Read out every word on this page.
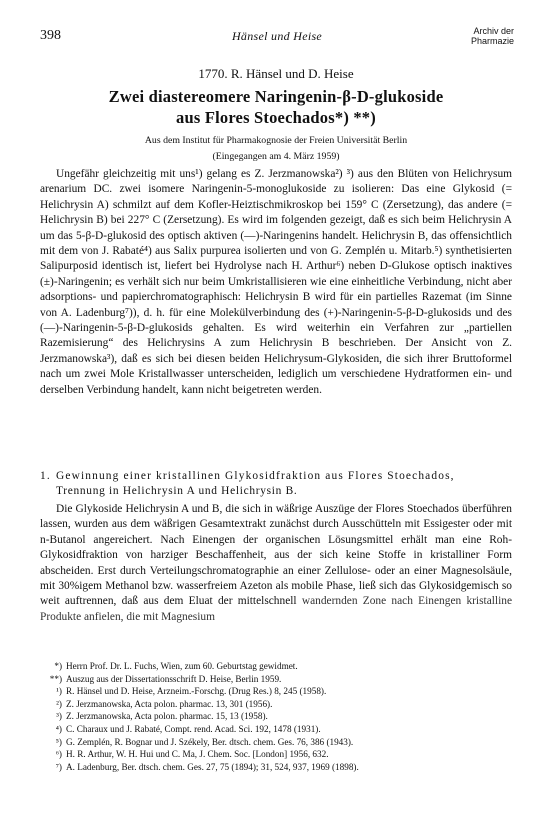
398	Hänsel und Heise	Archiv der
Pharmazie
1770. R. Hänsel und D. Heise
Zwei diastereomere Naringenin-β-D-glukoside
aus Flores Stoechados*) **)
Aus dem Institut für Pharmakognosie der Freien Universität Berlin
(Eingegangen am 4. März 1959)

Ungefähr gleichzeitig mit uns¹) gelang es Z. Jerzmanowska²) ³) aus den Blüten von Helichrysum arenarium DC. zwei isomere Naringenin-5-monoglukoside zu isolieren: Das eine Glykosid (= Helichrysin A) schmilzt auf dem Kofler-Heiztischmikroskop bei 159° C (Zersetzung), das andere (= Helichrysin B) bei 227° C (Zersetzung). Es wird im folgenden gezeigt, daß es sich beim Helichrysin A um das 5-β-D-glukosid des optisch aktiven (—)-Naringenins handelt. Helichrysin B, das offensichtlich mit dem von J. Rabaté⁴) aus Salix purpurea isolierten und von G. Zemplén u. Mitarb.⁵) synthetisierten Salipurposid identisch ist, liefert bei Hydrolyse nach H. Arthur⁶) neben D-Glukose optisch inaktives (±)-Naringenin; es verhält sich nur beim Umkristallisieren wie eine einheitliche Verbindung, nicht aber adsorptions- und papierchromatographisch: Helichrysin B wird für ein partielles Razemat (im Sinne von A. Ladenburg⁷)), d. h. für eine Molekülverbindung des (+)-Naringenin-5-β-D-glukosids und des (—)-Naringenin-5-β-D-glukosids gehalten. Es wird weiterhin ein Verfahren zur „partiellen Razemisierung“ des Helichrysins A zum Helichrysin B beschrieben. Der Ansicht von Z. Jerzmanowska³), daß es sich bei diesen beiden Helichrysum-Glykosiden, die sich ihrer Bruttoformel nach um zwei Mole Kristallwasser unterscheiden, lediglich um verschiedene Hydratformen ein- und derselben Verbindung handelt, kann nicht beigetreten werden.

1. Gewinnung einer kristallinen Glykosidfraktion aus Flores Stoechados,
Trennung in Helichrysin A und Helichrysin B.

Die Glykoside Helichrysin A und B, die sich in wäßrige Auszüge der Flores Stoechados überführen lassen, wurden aus dem wäßrigen Gesamtextrakt zunächst durch Ausschütteln mit Essigester oder mit n-Butanol angereichert. Nach Einengen der organischen Lösungsmittel erhält man eine Roh-Glykosidfraktion von harziger Beschaffenheit, aus der sich keine Stoffe in kristalliner Form abscheiden. Erst durch Verteilungschromatographie an einer Zellulose- oder an einer Magnesolsäule, mit 30%igem Methanol bzw. wasserfreiem Azeton als mobile Phase, ließ sich das Glykosidgemisch so weit auftrennen, daß aus dem Eluat der mittelschnell wandernden Zone nach Einengen kristalline Produkte anfielen, die mit Magnesium

*) Herrn Prof. Dr. L. Fuchs, Wien, zum 60. Geburtstag gewidmet.
**) Auszug aus der Dissertationsschrift D. Heise, Berlin 1959.
¹) R. Hänsel und D. Heise, Arzneim.-Forschg. (Drug Res.) 8, 245 (1958).
²) Z. Jerzmanowska, Acta polon. pharmac. 13, 301 (1956).
³) Z. Jerzmanowska, Acta polon. pharmac. 15, 13 (1958).
⁴) C. Charaux und J. Rabaté, Compt. rend. Acad. Sci. 192, 1478 (1931).
⁵) G. Zemplén, R. Bognar und J. Székely, Ber. dtsch. chem. Ges. 76, 386 (1943).
⁶) H. R. Arthur, W. H. Hui und C. Ma, J. Chem. Soc. [London] 1956, 632.
⁷) A. Ladenburg, Ber. dtsch. chem. Ges. 27, 75 (1894); 31, 524, 937, 1969 (1898).
